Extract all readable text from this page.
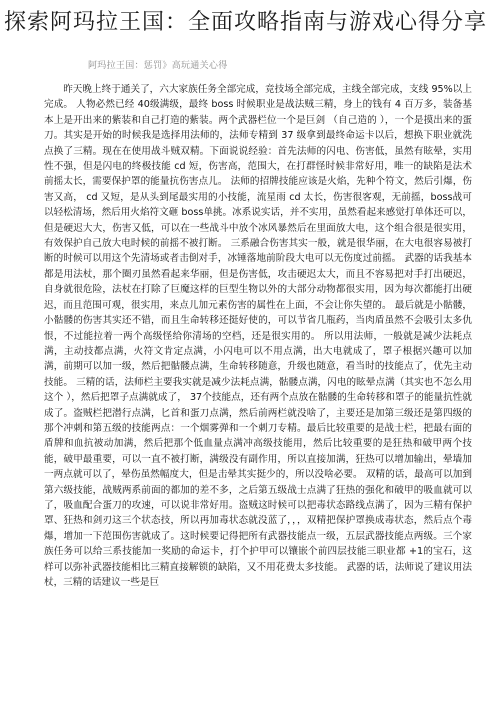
探索阿玛拉王国：全面攻略指南与游戏心得分享
阿玛拉王国：惩罚》高玩通关心得

昨天晚上终于通关了，六大家族任务全部完成，竞技场全部完成，主线全部完成，支线 95%以上完成。 人物必然已经 40级满级，最终 boss 时候职业是战法贼三精，身上的钱有 4 百万多，装备基本上是开出来的紫装和自己打造的紫装。两个武器栏位一个是巨剑 （自己造的 ），一个是摸出来的蛋刀。其实是开始的时候我是选择用法师的，法师专精到 37 级拿到最终命运卡以后，想换下职业就洗点换了三精。现在在使用战斗贼双精。下面说说经验：首先法师的闪电、伤害低，虽然有眩晕，实用性不强，但是闪电的终极技能 cd 短，伤害高，范围大，在打群怪时候非常好用，唯一的缺陷是法术前摇太长，需要保护罩的能量抗伤害点儿。 法师的招牌技能应该是火焰，先种个符文，然后引爆，伤害又高， cd 又短，是从头到尾最实用的小技能，流星雨 cd 太长，伤害很客观，无前摇，boss战可以轻松清场，然后用火焰符文砸 boss单挑。冰系说实话，并不实用，虽然看起来感觉打单体还可以，但是硬迟大大，伤害又低，可以在一些战斗中放个冰风暴然后在里面放大电，这个组合很是很实用，有效保护自己放大电时候的前摇不被打断。 三系融合伤害其实一般，就是很华丽，在大电很容易被打断的时候可以用这个先清场或者击倒对手，冰锤落地前阶段大电可以无伤度过前摇。 武器的话我基本都是用法杖，那个圈刃虽然看起来华丽，但是伤害低，攻击硬迟太大，而且不容易把对手打出硬迟，自身就很危险，法杖在打除了巨魔这样的巨型生物以外的大部分动物都很实用，因为每次都能打出硬迟，而且范围可观，很实用，来点儿加元素伤害的属性在上面，不会让你失望的。 最后就是小骷髅，小骷髅的伤害其实还不错，而且生命转移还挺好使的，可以节省几瓶药，当肉盾虽然不会吸引太多仇恨，不过能拉着一两个高级怪给你清场的空档，还是很实用的。 所以用法师，一般就是减少法耗点满，主动技都点满，火符文肯定点满，小闪电可以不用点满，出大电就成了，罩子根据兴趣可以加满，前期可以加一级，然后把骷髅点满，生命转移随意，升级也随意，看当时的技能点了，优先主动技能。 三精的话，法师栏主要我实就是减少法耗点满，骷髅点满，闪电的眩晕点满（其实也不怎么用这个 ），然后把罩子点满就成了， 37个技能点，还有两个点放在骷髅的生命转移和罩子的能量抗性就成了。盗贼栏把潜行点满，匕首和蛋刀点满，然后前两栏就没啥了，主要还是加第三级还是第四级的那个冲刺和第五级的技能两点：一个烟雾弹和一个刺刀专精。最后比较重要的是战士栏，把最右面的盾牌和血抗被动加满，然后把那个低血量点满冲高级技能用，然后比较重要的是狂热和破甲两个技能，破甲最重要，可以一直不被打断，满级没有副作用，所以直接加满，狂热可以增加输出，晕墙加一两点就可以了，晕伤虽然幅度大，但是击晕其实挺少的，所以没啥必要。 双精的话，最高可以加到第六级技能，战贼两系前面的都加的差不多，之后第五级战士点满了狂热的强化和破甲的吸血就可以了，吸血配合蛋刀的攻速，可以说非常好用。盗贼这时候可以把毒状态路线点满了，因为三精有保护罩、狂热和剑刃这三个状态技，所以再加毒状态就没蓝了，，，双精把保护罩换成毒状态，然后点个毒爆，增加一下范围伤害就成了。这时候要记得把所有武器技能点一级，五层武器技能点两级。三个家族任务可以给三系技能加一奖励的命运卡，打个护甲可以镶嵌个前四层技能三职业都 +1的宝石，这样可以弥补武器技能相比三精直接解锁的缺陷，又不用花费太多技能。 武器的话，法师说了建议用法杖，三精的话建议一些是巨
